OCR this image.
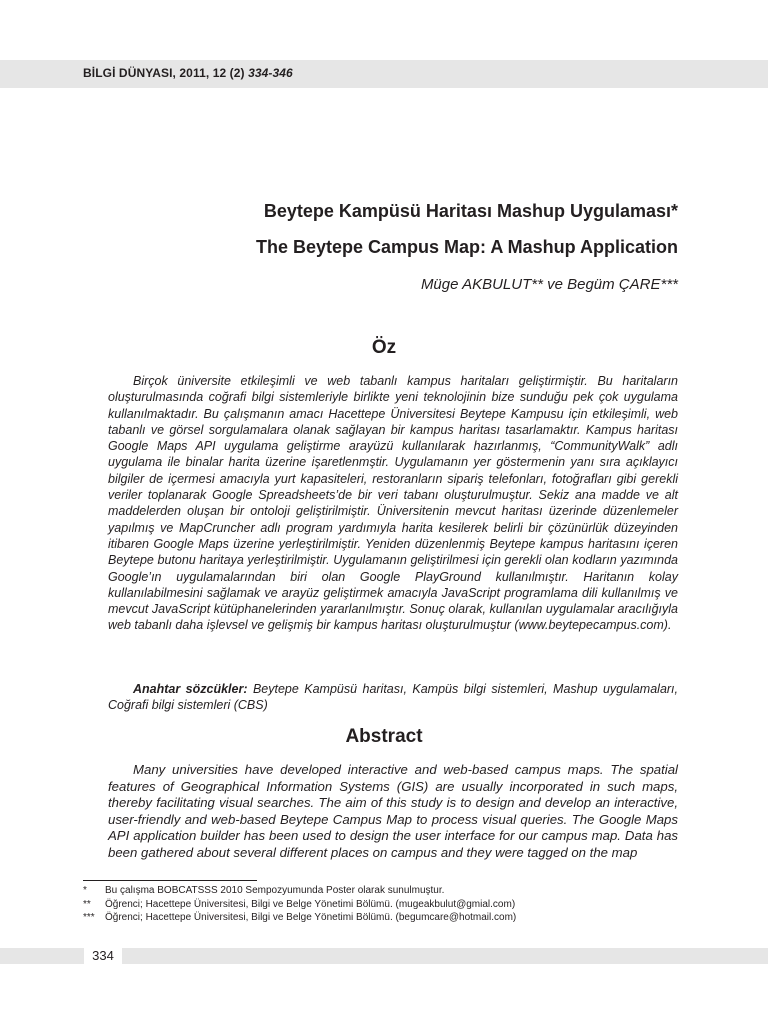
BİLGİ DÜNYASI, 2011, 12 (2) 334-346
Beytepe Kampüsü Haritası Mashup Uygulaması*
The Beytepe Campus Map: A Mashup Application
Müge AKBULUT** ve Begüm ÇARE***
Öz

Birçok üniversite etkileşimli ve web tabanlı kampus haritaları geliştirmiştir. Bu haritaların oluşturulmasında coğrafi bilgi sistemleriyle birlikte yeni teknolojinin bize sunduğu pek çok uygulama kullanılmaktadır. Bu çalışmanın amacı Hacettepe Üniversitesi Beytepe Kampusu için etkileşimli, web tabanlı ve görsel sorgulamalara olanak sağlayan bir kampus haritası tasarlamaktır. Kampus haritası Google Maps API uygulama geliştirme arayüzü kullanılarak hazırlanmış, “CommunityWalk” adlı uygulama ile binalar harita üzerine işaretlenmştir. Uygulamanın yer göstermenin yanı sıra açıklayıcı bilgiler de içermesi amacıyla yurt kapasiteleri, restoranların sipariş telefonları, fotoğrafları gibi gerekli veriler toplanarak Google Spreadsheets’de bir veri tabanı oluşturulmuştur. Sekiz ana madde ve alt maddelerden oluşan bir ontoloji geliştirilmiştir. Üniversitenin mevcut haritası üzerinde düzenlemeler yapılmış ve MapCruncher adlı program yardımıyla harita kesilerek belirli bir çözünürlük düzeyinden itibaren Google Maps üzerine yerleştirilmiştir. Yeniden düzenlenmiş Beytepe kampus haritasını içeren Beytepe butonu haritaya yerleştirilmiştir. Uygulamanın geliştirilmesi için gerekli olan kodların yazımında Google’ın uygulamalarından biri olan Google PlayGround kullanılmıştır. Haritanın kolay kullanılabilmesini sağlamak ve arayüz geliştirmek amacıyla JavaScript programlama dili kullanılmış ve mevcut JavaScript kütüphanelerinden yararlanılmıştır. Sonuç olarak, kullanılan uygulamalar aracılığıyla web tabanlı daha işlevsel ve gelişmiş bir kampus haritası oluşturulmuştur (www.beytepecampus.com).

Anahtar sözcükler: Beytepe Kampüsü haritası, Kampüs bilgi sistemleri, Mashup uygulamaları, Coğrafi bilgi sistemleri (CBS)

Abstract

Many universities have developed interactive and web-based campus maps. The spatial features of Geographical Information Systems (GIS) are usually incorporated in such maps, thereby facilitating visual searches. The aim of this study is to design and develop an interactive, user-friendly and web-based Beytepe Campus Map to process visual queries. The Google Maps API application builder has been used to design the user interface for our campus map. Data has been gathered about several different places on campus and they were tagged on the map

*	Bu çalışma BOBCATSSS 2010 Sempozyumunda Poster olarak sunulmuştur.
**	Öğrenci; Hacettepe Üniversitesi, Bilgi ve Belge Yönetimi Bölümü. (mugeakbulut@gmial.com)
***	Öğrenci; Hacettepe Üniversitesi, Bilgi ve Belge Yönetimi Bölümü. (begumcare@hotmail.com)
334
